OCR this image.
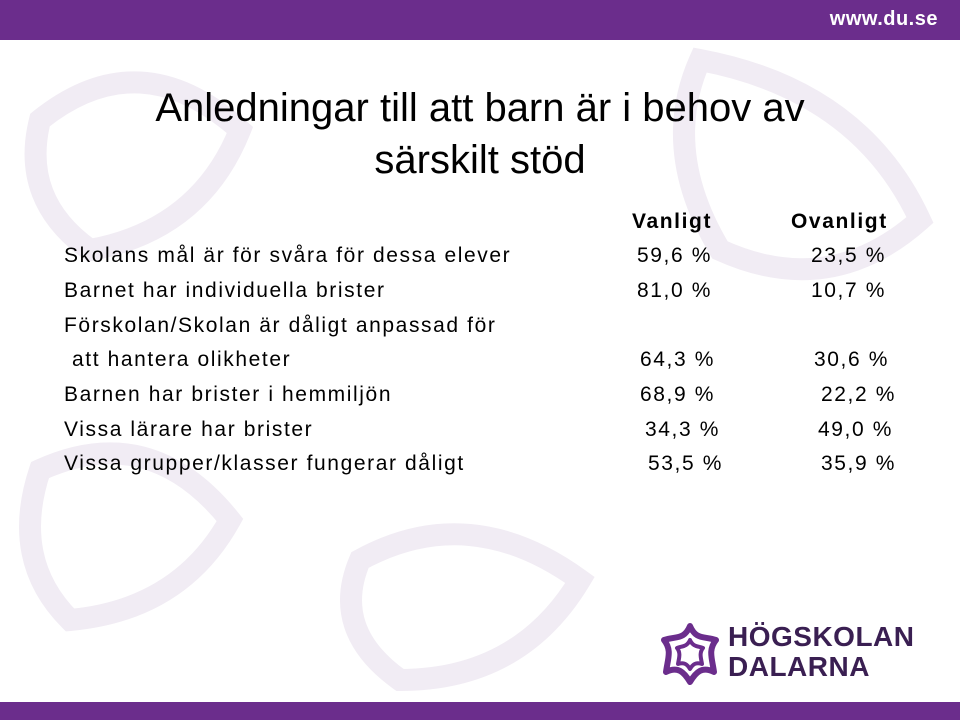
www.du.se
Anledningar till att barn är i behov av
särskilt stöd
Vanligt	Ovanligt
Skolans mål är för svåra för dessa elever	59,6 %	23,5 %
Barnet har individuella brister	81,0 %	10,7 %
Förskolan/Skolan är dåligt anpassad för
att hantera olikheter	64,3 %	30,6 %
Barnen har brister i hemmiljön	68,9 %	22,2 %
Vissa lärare har brister	34,3 %	49,0 %
Vissa grupper/klasser fungerar dåligt	53,5 %	35,9 %
HÖGSKOLAN
DALARNA
